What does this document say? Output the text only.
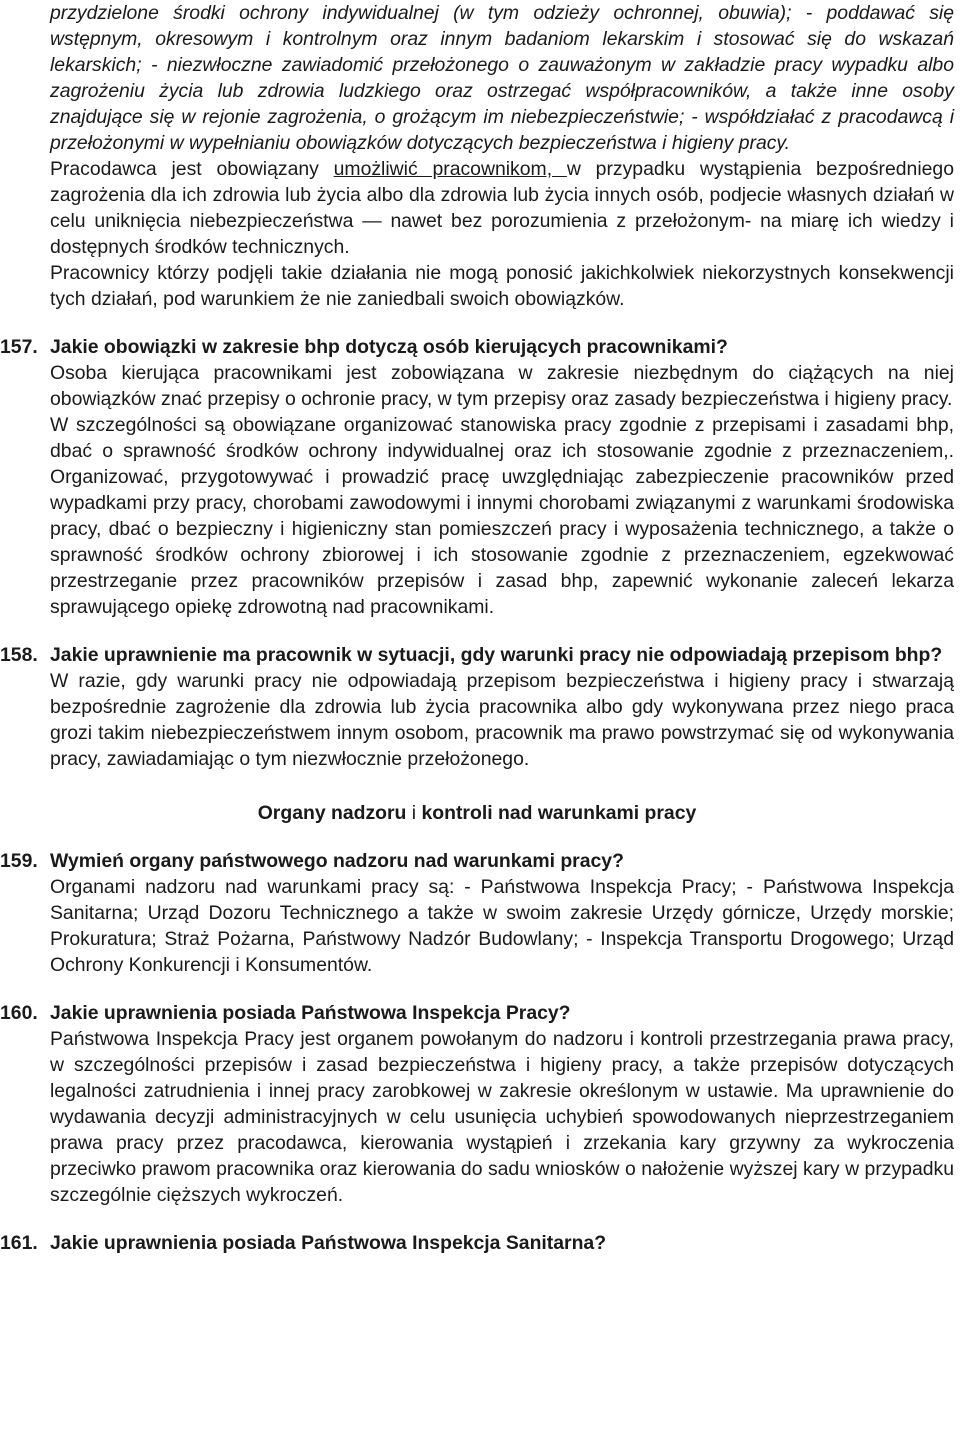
przydzielone środki ochrony indywidualnej (w tym odzieży ochronnej, obuwia); - poddawać się wstępnym, okresowym i kontrolnym oraz innym badaniom lekarskim i stosować się do wskazań lekarskich; - niezwłoczne zawiadomić przełożonego o zauważonym w zakładzie pracy wypadku albo zagrożeniu życia lub zdrowia ludzkiego oraz ostrzegać współpracowników, a także inne osoby znajdujące się w rejonie zagrożenia, o grożącym im niebezpieczeństwie; - współdziałać z pracodawcą i przełożonymi w wypełnianiu obowiązków dotyczących bezpieczeństwa i higieny pracy.

Pracodawca jest obowiązany umożliwić pracownikom, w przypadku wystąpienia bezpośredniego zagrożenia dla ich zdrowia lub życia albo dla zdrowia lub życia innych osób, podjecie własnych działań w celu uniknięcia niebezpieczeństwa — nawet bez porozumienia z przełożonym- na miarę ich wiedzy i dostępnych środków technicznych.

Pracownicy którzy podjęli takie działania nie mogą ponosić jakichkolwiek niekorzystnych konsekwencji tych działań, pod warunkiem że nie zaniedbali swoich obowiązków.

157. Jakie obowiązki w zakresie bhp dotyczą osób kierujących pracownikami?

Osoba kierująca pracownikami jest zobowiązana w zakresie niezbędnym do ciążących na niej obowiązków znać przepisy o ochronie pracy, w tym przepisy oraz zasady bezpieczeństwa i higieny pracy.

W szczególności są obowiązane organizować stanowiska pracy zgodnie z przepisami i zasadami bhp, dbać o sprawność środków ochrony indywidualnej oraz ich stosowanie zgodnie z przeznaczeniem,. Organizować, przygotowywać i prowadzić pracę uwzględniając zabezpieczenie pracowników przed wypadkami przy pracy, chorobami zawodowymi i innymi chorobami związanymi z warunkami środowiska pracy, dbać o bezpieczny i higieniczny stan pomieszczeń pracy i wyposażenia technicznego, a także o sprawność środków ochrony zbiorowej i ich stosowanie zgodnie z przeznaczeniem, egzekwować przestrzeganie przez pracowników przepisów i zasad bhp, zapewnić wykonanie zaleceń lekarza sprawującego opiekę zdrowotną nad pracownikami.

158. Jakie uprawnienie ma pracownik w sytuacji, gdy warunki pracy nie odpowiadają przepisom bhp?

W razie, gdy warunki pracy nie odpowiadają przepisom bezpieczeństwa i higieny pracy i stwarzają bezpośrednie zagrożenie dla zdrowia lub życia pracownika albo gdy wykonywana przez niego praca grozi takim niebezpieczeństwem innym osobom, pracownik ma prawo powstrzymać się od wykonywania pracy, zawiadamiając o tym niezwłocznie przełożonego.

Organy nadzoru i kontroli nad warunkami pracy

159. Wymień organy państwowego nadzoru nad warunkami pracy?

Organami nadzoru nad warunkami pracy są: - Państwowa Inspekcja Pracy; - Państwowa Inspekcja Sanitarna; Urząd Dozoru Technicznego a także w swoim zakresie Urzędy górnicze, Urzędy morskie; Prokuratura; Straż Pożarna, Państwowy Nadzór Budowlany; - Inspekcja Transportu Drogowego; Urząd Ochrony Konkurencji i Konsumentów.

160. Jakie uprawnienia posiada Państwowa Inspekcja Pracy?

Państwowa Inspekcja Pracy jest organem powołanym do nadzoru i kontroli przestrzegania prawa pracy, w szczególności przepisów i zasad bezpieczeństwa i higieny pracy, a także przepisów dotyczących legalności zatrudnienia i innej pracy zarobkowej w zakresie określonym w ustawie. Ma uprawnienie do wydawania decyzji administracyjnych w celu usunięcia uchybień spowodowanych nieprzestrzeganiem prawa pracy przez pracodawca, kierowania wystąpień i zrzekania kary grzywny za wykroczenia przeciwko prawom pracownika oraz kierowania do sadu wniosków o nałożenie wyższej kary w przypadku szczególnie cięższych wykroczeń.

161. Jakie uprawnienia posiada Państwowa Inspekcja Sanitarna?
